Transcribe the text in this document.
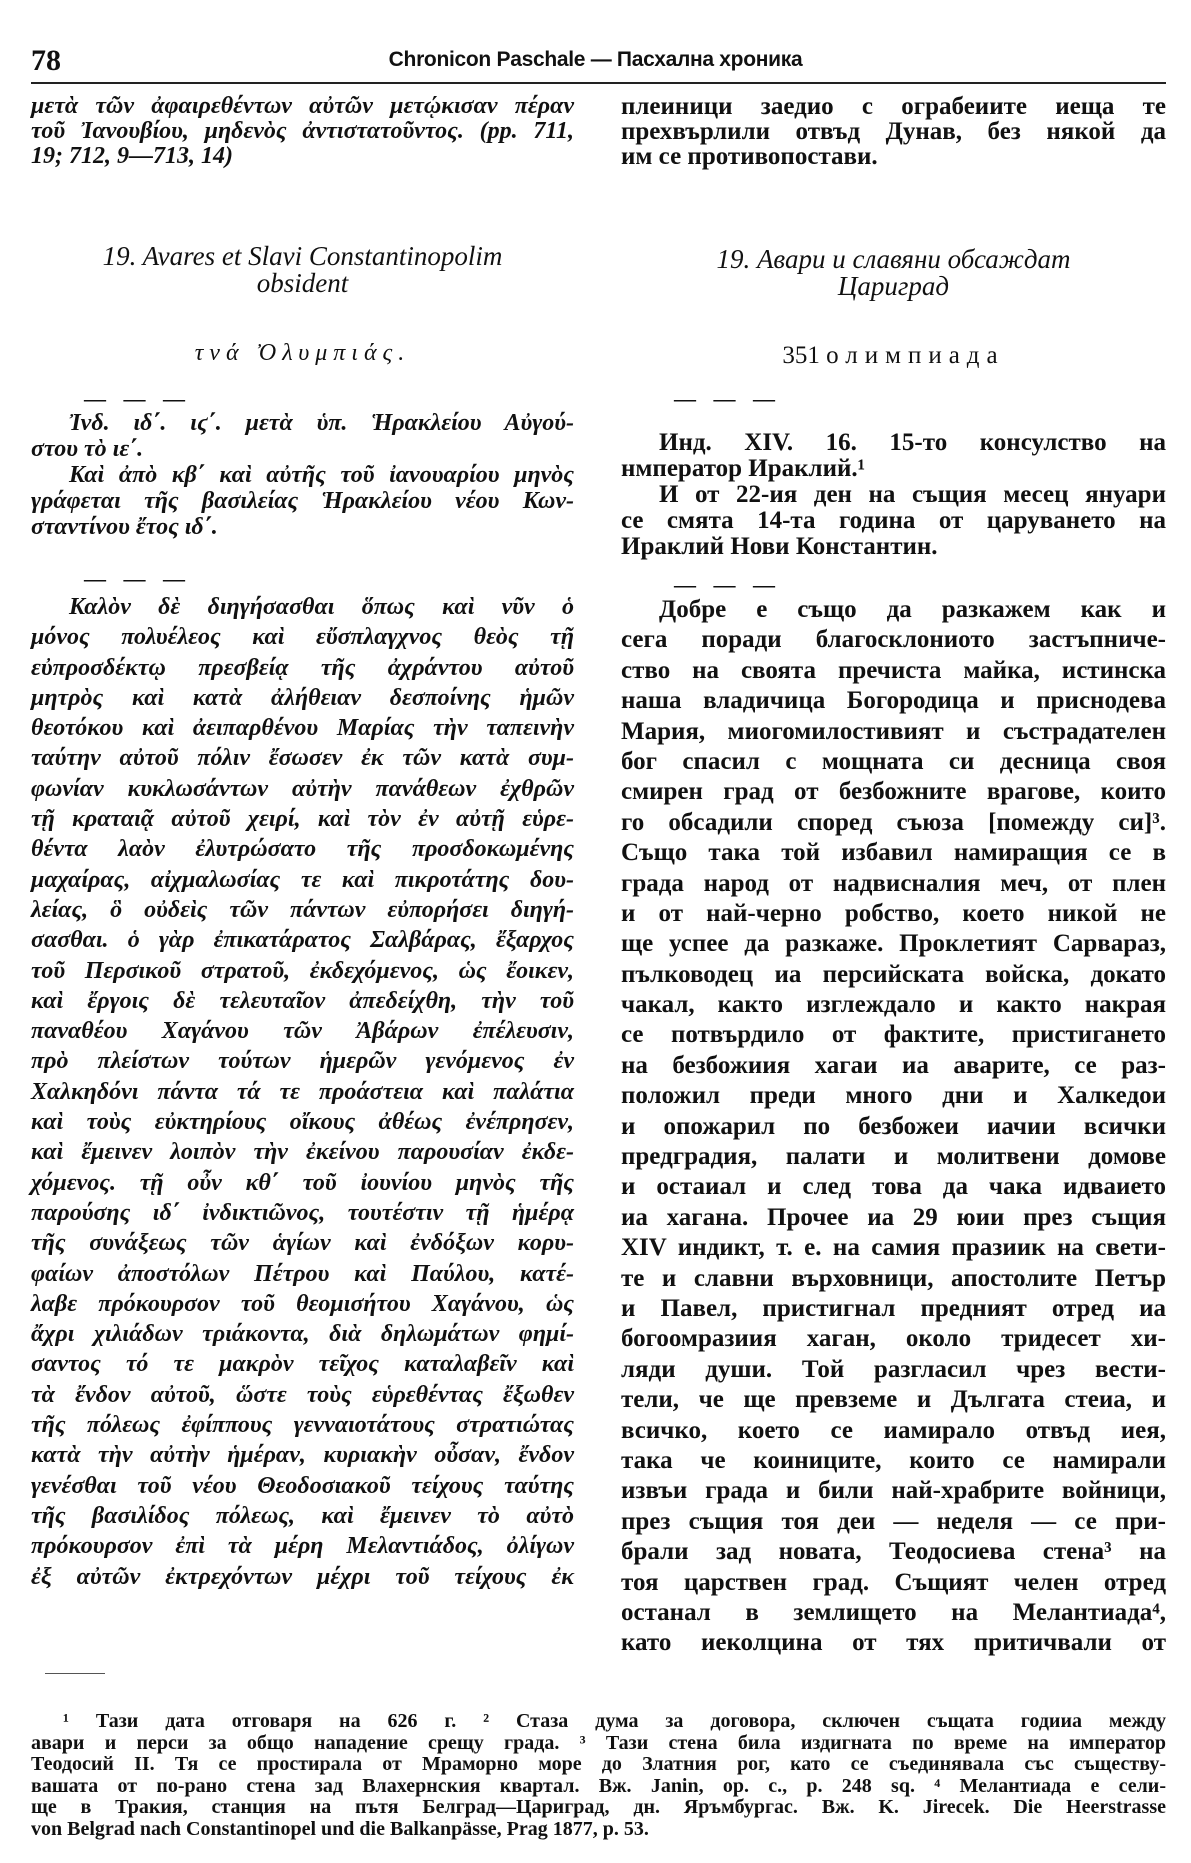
78	Chronicon Paschale — Пасхална хроника
μετὰ τῶν ἀφαιρεθέντων αὐτῶν μετῴκισαν πέραν
τοῦ Ἰανουβίου, μηδενὸς ἀντιστατοῦντος. (pp. 711,
19; 712, 9—713, 14)
19. Avares et Slavi Constantinopolim
obsident
τνά Ὀλυμπιάς.
— — —
Ἰνδ. ιδ΄. ιϛ΄. μετὰ ὑπ. Ἡρακλείου Αὐγού-
στου τὸ ιε΄.
Καὶ ἀπὸ κβ΄ καὶ αὐτῆς τοῦ ἰανουαρίου μηνὸς
γράφεται τῆς βασιλείας Ἡρακλείου νέου Κων-
σταντίνου ἔτος ιδ΄.
— — —
Καλὸν δὲ διηγήσασθαι ὅπως καὶ νῦν ὁ
μόνος πολυέλεος καὶ εὔσπλαγχνος θεὸς τῇ
εὐπροσδέκτῳ πρεσβείᾳ τῆς ἀχράντου αὐτοῦ
μητρὸς καὶ κατὰ ἀλήθειαν δεσποίνης ἡμῶν
θεοτόκου καὶ ἀειπαρθένου Μαρίας τὴν ταπεινὴν
ταύτην αὐτοῦ πόλιν ἔσωσεν ἐκ τῶν κατὰ συμ-
φωνίαν κυκλωσάντων αὐτὴν πανάθεων ἐχθρῶν
τῇ κραταιᾷ αὐτοῦ χειρί, καὶ τὸν ἐν αὐτῇ εὑρε-
θέντα λαὸν ἐλυτρώσατο τῆς προσδοκωμένης
μαχαίρας, αἰχμαλωσίας τε καὶ πικροτάτης δου-
λείας, ὃ οὐδεὶς τῶν πάντων εὐπορήσει διηγή-
σασθαι. ὁ γὰρ ἐπικατάρατος Σαλβάρας, ἔξαρχος
τοῦ Περσικοῦ στρατοῦ, ἐκδεχόμενος, ὡς ἔοικεν,
καὶ ἔργοις δὲ τελευταῖον ἀπεδείχθη, τὴν τοῦ
παναθέου Χαγάνου τῶν Ἀβάρων ἐπέλευσιν,
πρὸ πλείστων τούτων ἡμερῶν γενόμενος ἐν
Χαλκηδόνι πάντα τά τε προάστεια καὶ παλάτια
καὶ τοὺς εὐκτηρίους οἴκους ἀθέως ἐνέπρησεν,
καὶ ἔμεινεν λοιπὸν τὴν ἐκείνου παρουσίαν ἐκδε-
χόμενος. τῇ οὖν κθ΄ τοῦ ἰουνίου μηνὸς τῆς
παρούσης ιδ΄ ἰνδικτιῶνος, τουτέστιν τῇ ἡμέρᾳ
τῆς συνάξεως τῶν ἁγίων καὶ ἐνδόξων κορυ-
φαίων ἀποστόλων Πέτρου καὶ Παύλου, κατέ-
λαβε πρόκουρσον τοῦ θεομισήτου Χαγάνου, ὡς
ἄχρι χιλιάδων τριάκοντα, διὰ δηλωμάτων φημί-
σαντος τό τε μακρὸν τεῖχος καταλαβεῖν καὶ
τὰ ἔνδον αὐτοῦ, ὥστε τοὺς εὑρεθέντας ἔξωθεν
τῆς πόλεως ἐφίππους γενναιοτάτους στρατιώτας
κατὰ τὴν αὐτὴν ἡμέραν, κυριακὴν οὖσαν, ἔνδον
γενέσθαι τοῦ νέου Θεοδοσιακοῦ τείχους ταύτης
τῆς βασιλίδος πόλεως, καὶ ἔμεινεν τὸ αὐτὸ
πρόκουρσον ἐπὶ τὰ μέρη Μελαντιάδος, ὀλίγων
ἐξ αὐτῶν ἐκτρεχόντων μέχρι τοῦ τείχους ἐκ
плеиници заедио с ограбеиите иеща те
прехвърлили отвъд Дунав, без някой да
им се противопостави.
19. Авари и славяни обсаждат
Цариград
351 олимпиада
— — —
Инд. XIV. 16. 15-то консулство на
нмператор Ираклий.¹
И от 22-ия ден на същия месец януари
се смята 14-та година от царуването на
Ираклий Нови Константин.
— — —
Добре е също да разкажем как и
сега поради благосклониото застъпниче-
ство на своята пречиста майка, истинска
наша владичица Богородица и приснодева
Мария, миогомилостивият и състрадателен
бог спасил с мощната си десница своя
смирен град от безбожните врагове, които
го обсадили според съюза [помежду си]³.
Също така той избавил намиращия се в
града народ от надвисналия меч, от плен
и от най-черно робство, което никой не
ще успее да разкаже. Проклетият Сарвараз,
пълководец иа персийската войска, докато
чакал, както изглеждало и както накрая
се потвърдило от фактите, пристигането
на безбожиия хагаи иа аварите, се раз-
положил преди много дни и Халкедои
и опожарил по безбожеи иачии всички
предградия, палати и молитвени домове
и остаиал и след това да чака идваието
иа хагана. Прочее иа 29 юии през същия
XIV индикт, т. е. на самия празиик на свети-
те и славни върховници, апостолите Петър
и Павел, пристигнал предният отред иа
богоомразиия хаган, около тридесет хи-
ляди души. Той разгласил чрез вести-
тели, че ще превземе и Дългата стеиа, и
всичко, което се иамирало отвъд иея,
така че коиниците, които се намирали
извъи града и били най-храбрите войници,
през същия тоя деи — неделя — се при-
брали зад новата, Теодосиева стена³ на
тоя царствен град. Същият челен отред
останал в землището на Мелантиада⁴,
като иеколцина от тях притичвали от
¹ Тази дата отговаря на 626 г. ² Стаза дума за договора, сключен същата годииа между
авари и перси за общо нападение срещу града. ³ Тази стена била издигната по време на император
Теодосий II. Тя се простирала от Мраморно море до Златния рог, като се съединявала със съществу-
вашата от по-рано стена зад Влахернския квартал. Вж. Janin, op. c., p. 248 sq. ⁴ Мелантиада е сели-
ще в Тракия, станция на пътя Белград—Цариград, дн. Яръмбургас. Вж. K. Jirecek. Die Heerstrasse
von Belgrad nach Constantinopel und die Balkanpässe, Prag 1877, p. 53.
